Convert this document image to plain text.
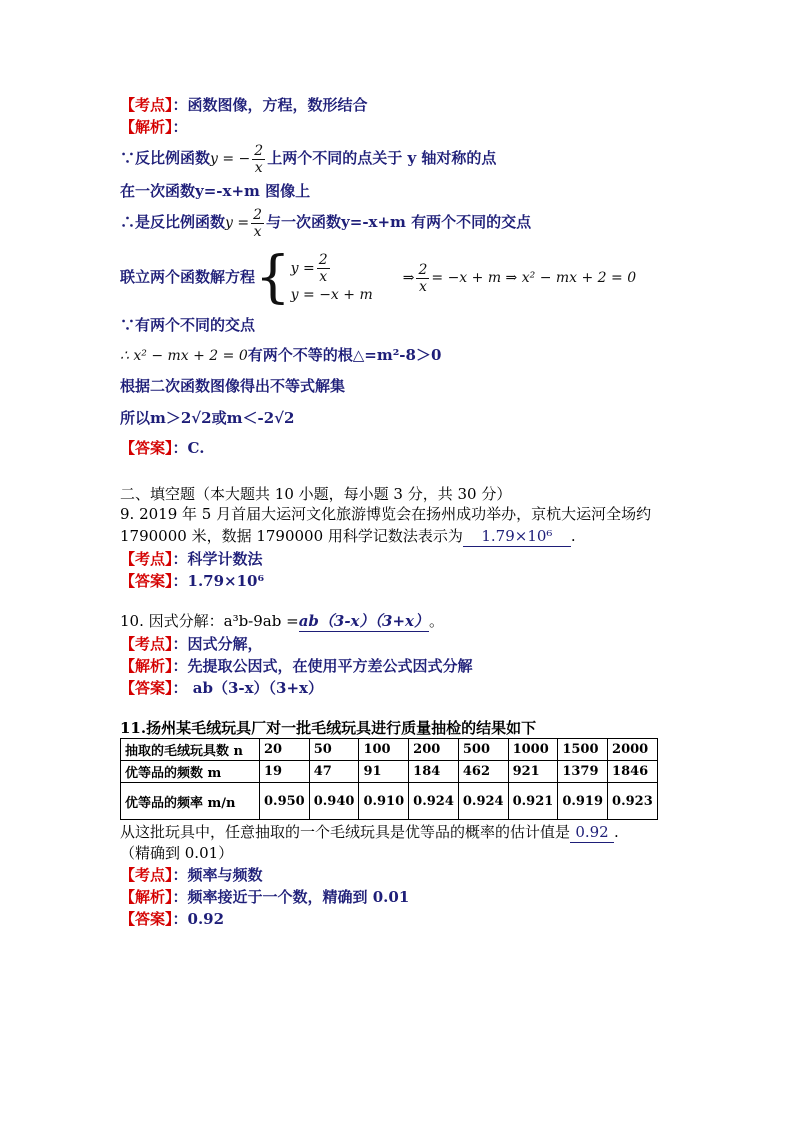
【考点】：函数图像，方程，数形结合
【解析】：
∵反比例函数y = − $\frac{2}{x}$ 上两个不同的点关于 y 轴对称的点
在一次函数y=-x+m 图像上
∴是反比例函数$y = \frac{2}{x}$ 与一次函数y=-x+m 有两个不同的交点
联立两个函数解方程{ $y = \frac{2}{x}$
y = −x + m
⇒ $\frac{2}{x} = -x + m$ ⇒ x² − mx + 2 = 0
∵有两个不同的交点
∴ x² − mx + 2 = 0有两个不等的根△=m²-8＞0
根据二次函数图像得出不等式解集
所以m＞2√2或m＜-2√2
【答案】：C.
二、填空题（本大题共 10 小题，每小题 3 分，共 30 分）
9. 2019 年 5 月首届大运河文化旅游博览会在扬州成功举办，京杭大运河全场约
1790000 米，数据 1790000 用科学记数法表示为 1.79×10⁶ .
【考点】：科学计数法
【答案】：1.79×10⁶
10. 因式分解：a³b-9ab =ab（3-x）（3+x）。
【考点】：因式分解，
【解析】：先提取公因式，在使用平方差公式因式分解
【答案】： ab（3-x）（3+x）
11.扬州某毛绒玩具厂对一批毛绒玩具进行质量抽检的结果如下
抽取的毛绒玩具数 n	20	50	100	200	500	1000	1500	2000
优等品的频数 m	19	47	91	184	462	921	1379	1846
优等品的频率 m/n	0.950	0.940	0.910	0.924	0.924	0.921	0.919	0.923
从这批玩具中，任意抽取的一个毛绒玩具是优等品的概率的估计值是 0.92 .
（精确到 0.01）
【考点】：频率与频数
【解析】：频率接近于一个数，精确到 0.01
【答案】：0.92
